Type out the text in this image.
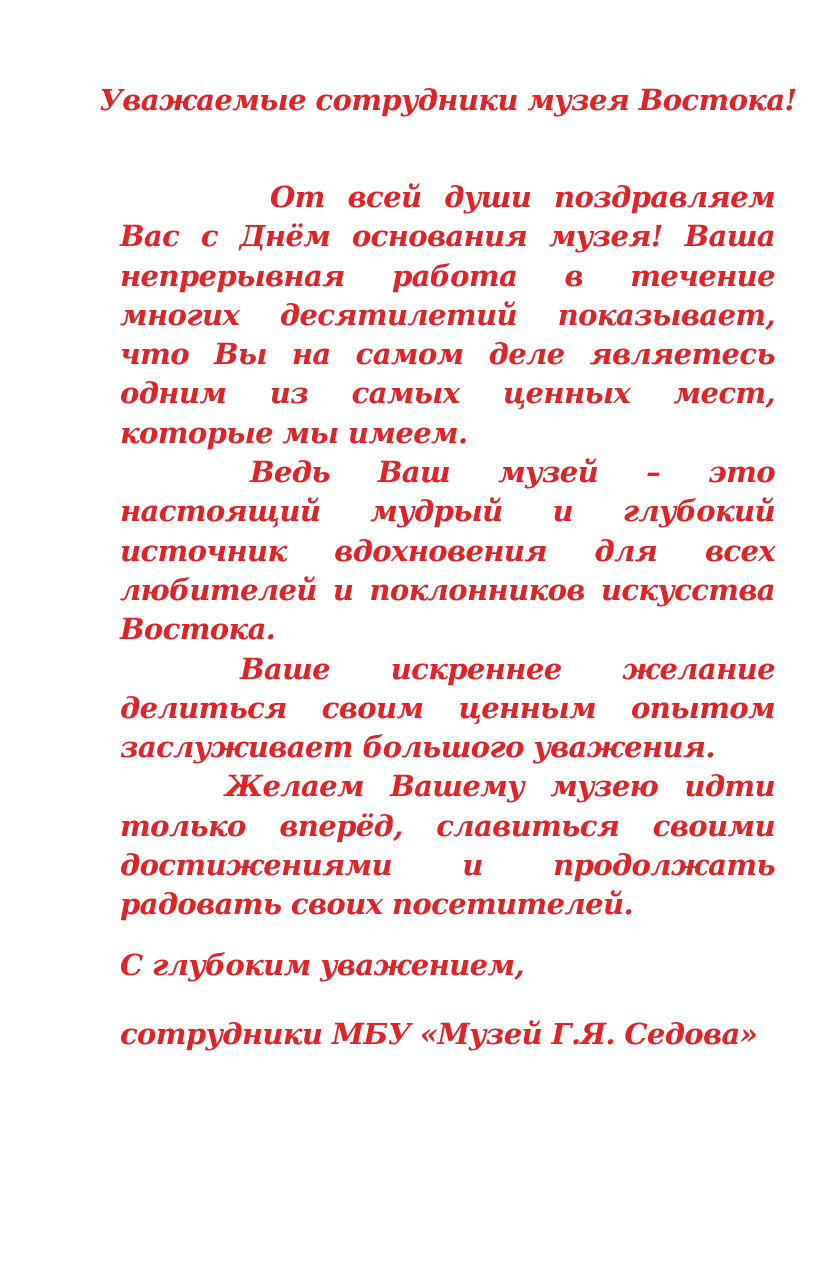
Уважаемые сотрудники музея Востока!

От всей души поздравляем Вас с Днём основания музея! Ваша непрерывная работа в течение многих десятилетий показывает, что Вы на самом деле являетесь одним из самых ценных мест, которые мы имеем.

Ведь Ваш музей – это настоящий мудрый и глубокий источник вдохновения для всех любителей и поклонников искусства Востока.

Ваше искреннее желание делиться своим ценным опытом заслуживает большого уважения.

Желаем Вашему музею идти только вперёд, славиться своими достижениями и продолжать радовать своих посетителей.

С глубоким уважением,
сотрудники МБУ «Музей Г.Я. Седова»
